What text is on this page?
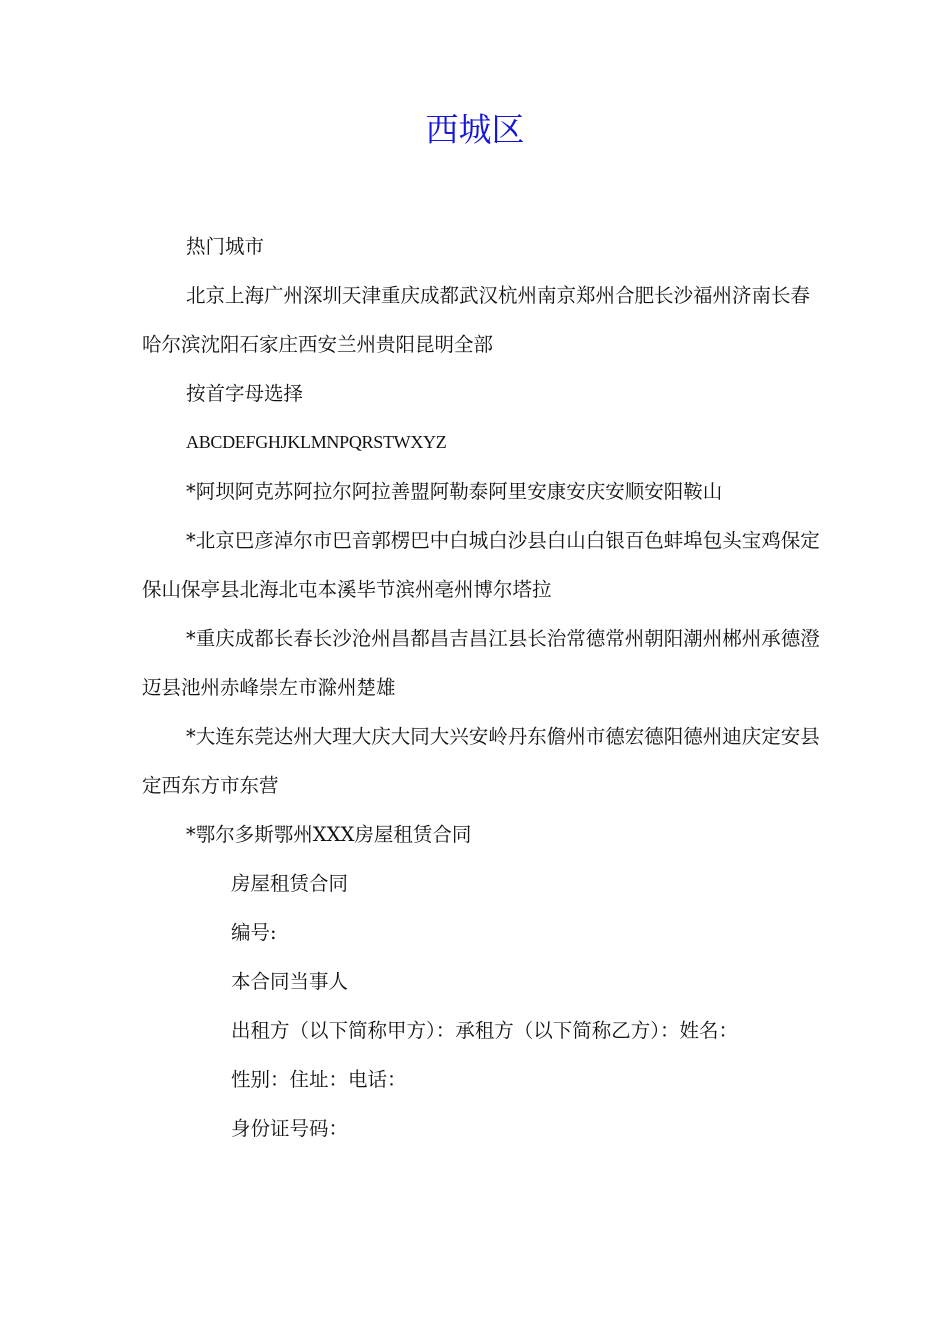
西城区

热门城市

北京上海广州深圳天津重庆成都武汉杭州南京郑州合肥长沙福州济南长春哈尔滨沈阳石家庄西安兰州贵阳昆明全部

按首字母选择

ABCDEFGHJKLMNPQRSTWXYZ

*阿坝阿克苏阿拉尔阿拉善盟阿勒泰阿里安康安庆安顺安阳鞍山

*北京巴彦淖尔市巴音郭楞巴中白城白沙县白山白银百色蚌埠包头宝鸡保定保山保亭县北海北屯本溪毕节滨州亳州博尔塔拉

*重庆成都长春长沙沧州昌都昌吉昌江县长治常德常州朝阳潮州郴州承德澄迈县池州赤峰崇左市滁州楚雄

*大连东莞达州大理大庆大同大兴安岭丹东儋州市德宏德阳德州迪庆定安县定西东方市东营

*鄂尔多斯鄂州XXX房屋租赁合同

房屋租赁合同

编号:

本合同当事人

出租方（以下简称甲方）：承租方（以下简称乙方）：姓名：

性别：住址：电话：

身份证号码：
